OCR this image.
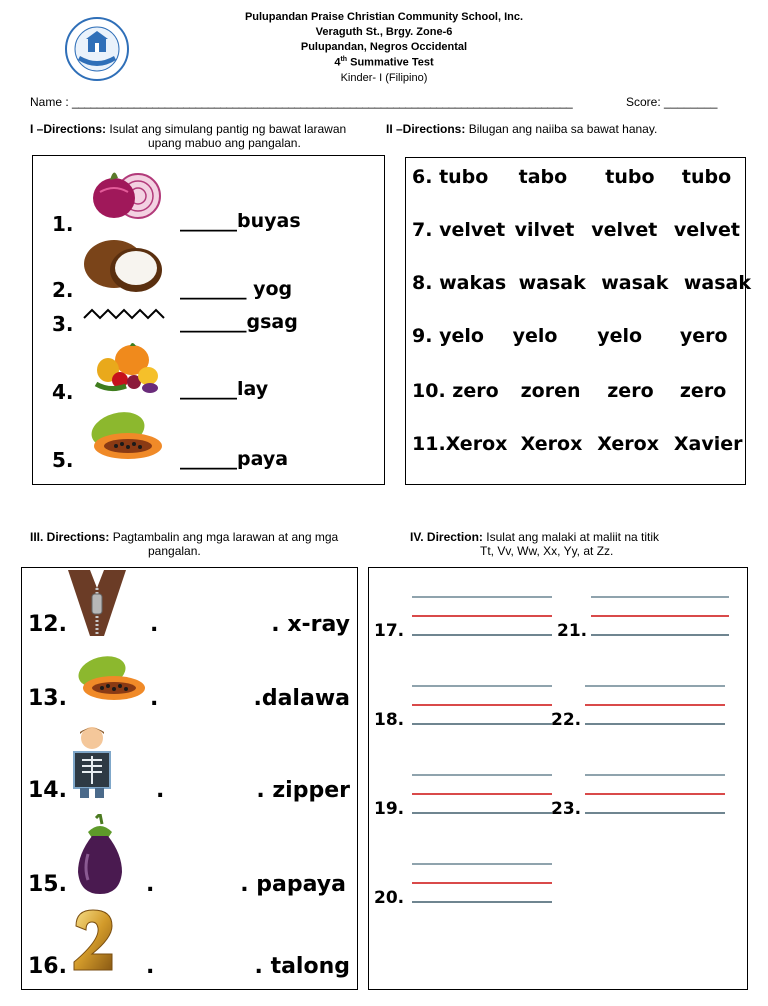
Pulupandan Praise Christian Community School, Inc.
Veraguth St., Brgy. Zone-6
Pulupandan, Negros Occidental
4th Summative Test
Kinder- I (Filipino)
Name : _________________________________________________________________________________	Score: ________
I –Directions: Isulat ang simulang pantig ng bawat larawan
upang mabuo ang pangalan.
II –Directions: Bilugan ang naiiba sa bawat hanay.
1.	______buyas
2.	_______ yog
3.	_______gsag
4.	______lay
5.	______paya
6. tubo tabo tubo tubo
7. velvet vilvet velvet velvet
8. wakas wasak wasak wasak
9. yelo yelo yelo yero
10. zero zoren zero zero
11.Xerox Xerox Xerox Xavier
III. Directions: Pagtambalin ang mga larawan at ang mga
pangalan.
IV. Direction: Isulat ang malaki at maliit na titik
Tt, Vv, Ww, Xx, Yy, at Zz.
12.	.	. x-ray
13.	.	.dalawa
14.	.	. zipper
15.	.	. papaya
16.	.	. talong
17.
18.
19.
20.
21.
22.
23.
